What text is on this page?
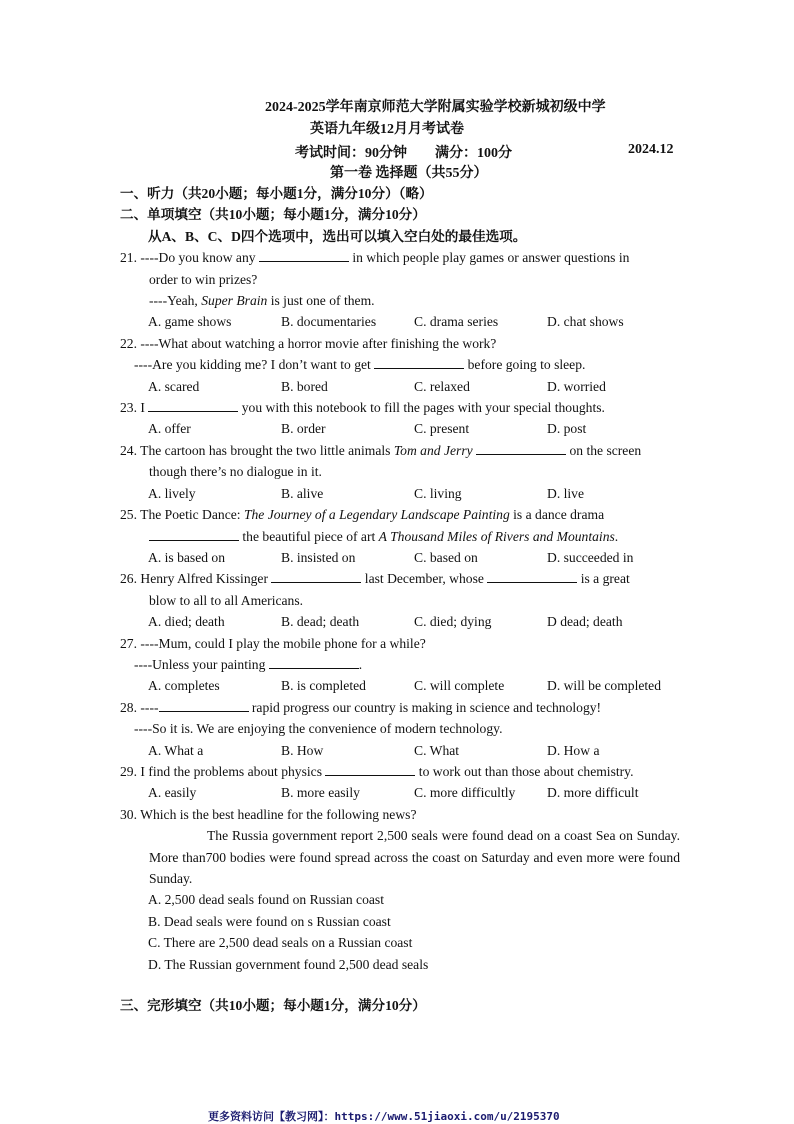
2024-2025学年南京师范大学附属实验学校新城初级中学
英语九年级12月月考试卷
考试时间：90分钟 满分：100分	2024.12
第一卷 选择题（共55分）
一、听力（共20小题；每小题1分，满分10分）（略）
二、单项填空（共10小题；每小题1分，满分10分）
从A、B、C、D四个选项中，选出可以填入空白处的最佳选项。
21. ----Do you know any	in which people play games or answer questions in
order to win prizes?
----Yeah, Super Brain is just one of them.
A. game shows	B. documentaries	C. drama series	D. chat shows
22. ----What about watching a horror movie after finishing the work?
----Are you kidding me? I don’t want to get	before going to sleep.
A. scared	B. bored	C. relaxed	D. worried
23. I	you with this notebook to fill the pages with your special thoughts.
A. offer	B. order	C. present	D. post
24. The cartoon has brought the two little animals Tom and Jerry	on the screen
though there’s no dialogue in it.
A. lively	B. alive	C. living	D. live
25. The Poetic Dance: The Journey of a Legendary Landscape Painting is a dance drama
the beautiful piece of art A Thousand Miles of Rivers and Mountains.
A. is based on	B. insisted on	C. based on	D. succeeded in
26. Henry Alfred Kissinger	last December, whose	is a great
blow to all to all Americans.
A. died; death	B. dead; death	C. died; dying	D dead; death
27. ----Mum, could I play the mobile phone for a while?
----Unless your painting	.
A. completes	B. is completed	C. will complete	D. will be completed
28. ----	rapid progress our country is making in science and technology!
----So it is. We are enjoying the convenience of modern technology.
A. What a	B. How	C. What	D. How a
29. I find the problems about physics	to work out than those about chemistry.
A. easily	B. more easily	C. more difficultly	D. more difficult
30. Which is the best headline for the following news?
The Russia government report 2,500 seals were found dead on a coast Sea on Sunday. More than700 bodies were found spread across the coast on Saturday and even more were found Sunday.
A. 2,500 dead seals found on Russian coast
B. Dead seals were found on s Russian coast
C. There are 2,500 dead seals on a Russian coast
D. The Russian government found 2,500 dead seals
三、完形填空（共10小题；每小题1分，满分10分）
更多资料访问【教习网】：https://www.51jiaoxi.com/u/2195370
